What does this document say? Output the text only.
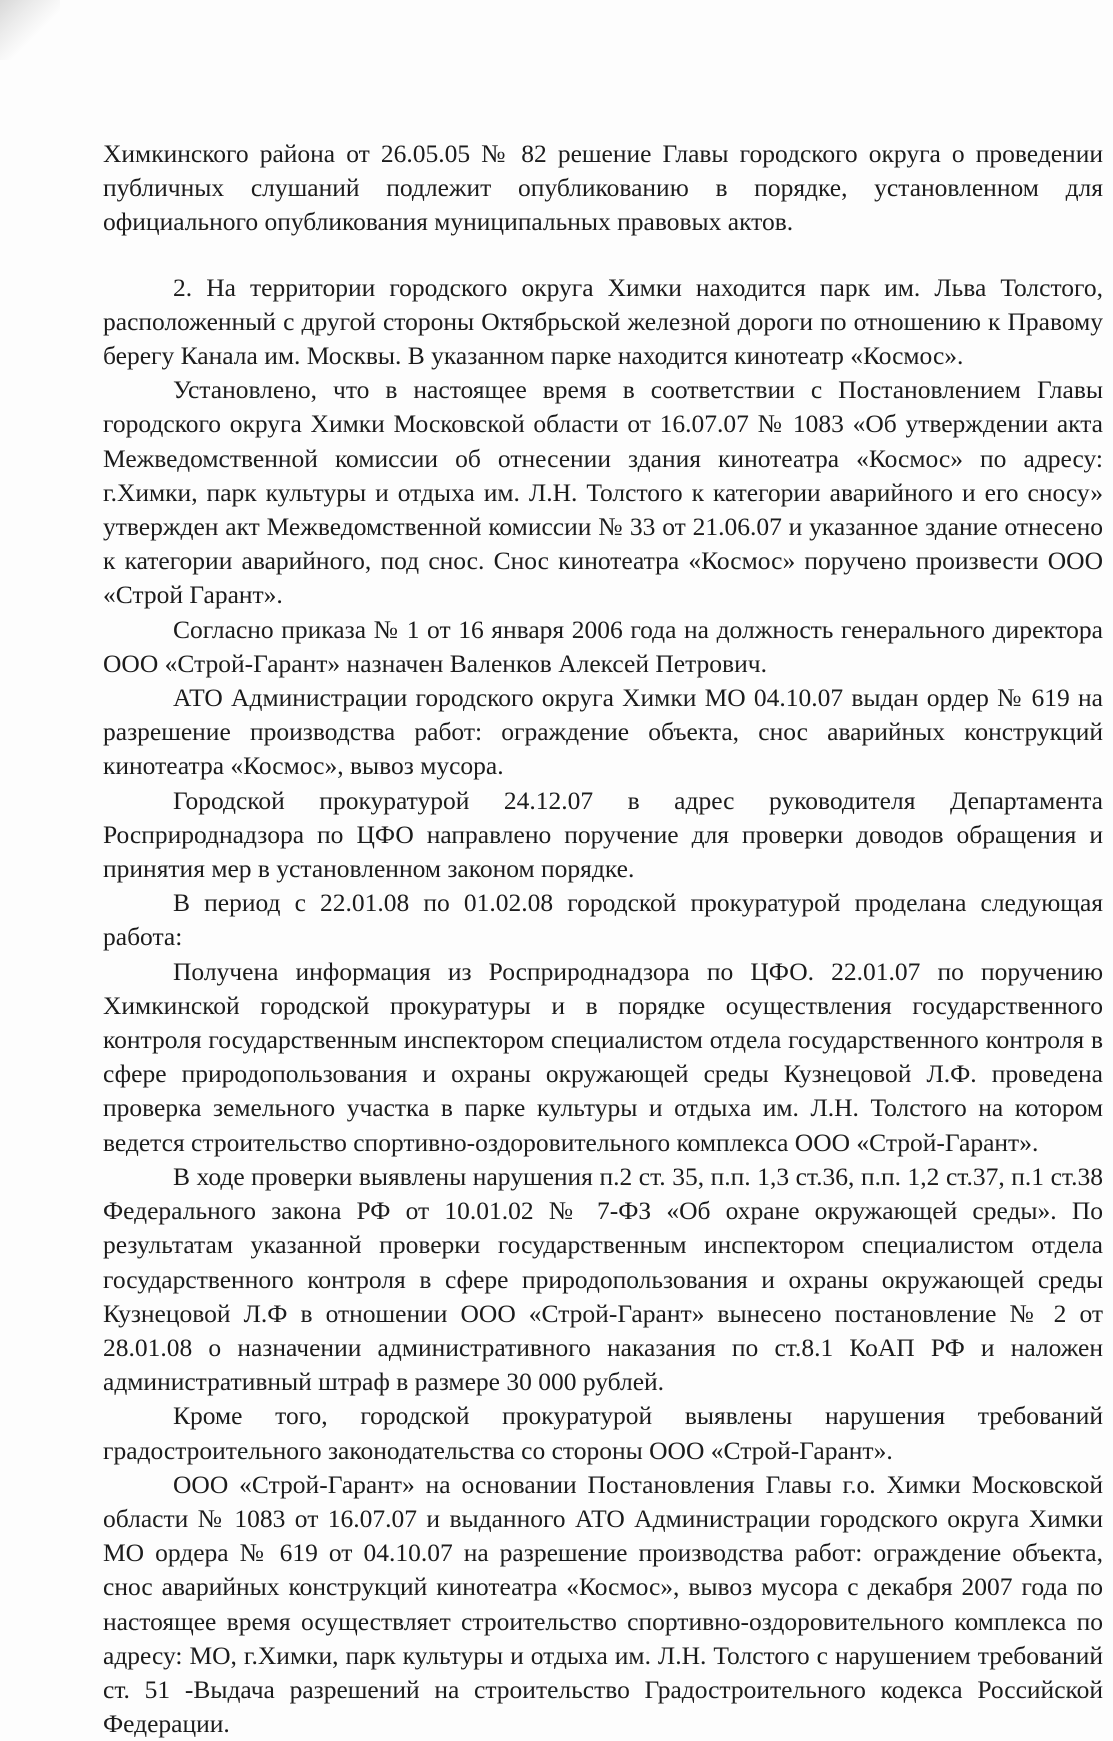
Химкинского района от 26.05.05 № 82 решение Главы городского округа о проведении публичных слушаний подлежит опубликованию в порядке, установленном для официального опубликования муниципальных правовых актов.

2. На территории городского округа Химки находится парк им. Льва Толстого, расположенный с другой стороны Октябрьской железной дороги по отношению к Правому берегу Канала им. Москвы. В указанном парке находится кинотеатр «Космос».

Установлено, что в настоящее время в соответствии с Постановлением Главы городского округа Химки Московской области от 16.07.07 № 1083 «Об утверждении акта Межведомственной комиссии об отнесении здания кинотеатра «Космос» по адресу: г.Химки, парк культуры и отдыха им. Л.Н. Толстого к категории аварийного и его сносу» утвержден акт Межведомственной комиссии № 33 от 21.06.07 и указанное здание отнесено к категории аварийного, под снос. Снос кинотеатра «Космос» поручено произвести ООО «Строй Гарант».

Согласно приказа № 1 от 16 января 2006 года на должность генерального директора ООО «Строй-Гарант» назначен Валенков Алексей Петрович.

АТО Администрации городского округа Химки МО 04.10.07 выдан ордер № 619 на разрешение производства работ: ограждение объекта, снос аварийных конструкций кинотеатра «Космос», вывоз мусора.

Городской прокуратурой 24.12.07 в адрес руководителя Департамента Росприроднадзора по ЦФО направлено поручение для проверки доводов обращения и принятия мер в установленном законом порядке.

В период с 22.01.08 по 01.02.08 городской прокуратурой проделана следующая работа:

Получена информация из Росприроднадзора по ЦФО. 22.01.07 по поручению Химкинской городской прокуратуры и в порядке осуществления государственного контроля государственным инспектором специалистом отдела государственного контроля в сфере природопользования и охраны окружающей среды Кузнецовой Л.Ф. проведена проверка земельного участка в парке культуры и отдыха им. Л.Н. Толстого на котором ведется строительство спортивно-оздоровительного комплекса ООО «Строй-Гарант».

В ходе проверки выявлены нарушения п.2 ст. 35, п.п. 1,3 ст.36, п.п. 1,2 ст.37, п.1 ст.38 Федерального закона РФ от 10.01.02 № 7-ФЗ «Об охране окружающей среды». По результатам указанной проверки государственным инспектором специалистом отдела государственного контроля в сфере природопользования и охраны окружающей среды Кузнецовой Л.Ф в отношении ООО «Строй-Гарант» вынесено постановление № 2 от 28.01.08 о назначении административного наказания по ст.8.1 КоАП РФ и наложен административный штраф в размере 30 000 рублей.

Кроме того, городской прокуратурой выявлены нарушения требований градостроительного законодательства со стороны ООО «Строй-Гарант».

ООО «Строй-Гарант» на основании Постановления Главы г.о. Химки Московской области № 1083 от 16.07.07 и выданного АТО Администрации городского округа Химки МО ордера № 619 от 04.10.07 на разрешение производства работ: ограждение объекта, снос аварийных конструкций кинотеатра «Космос», вывоз мусора с декабря 2007 года по настоящее время осуществляет строительство спортивно-оздоровительного комплекса по адресу: МО, г.Химки, парк культуры и отдыха им. Л.Н. Толстого с нарушением требований ст. 51 -Выдача разрешений на строительство Градостроительного кодекса Российской Федерации.
